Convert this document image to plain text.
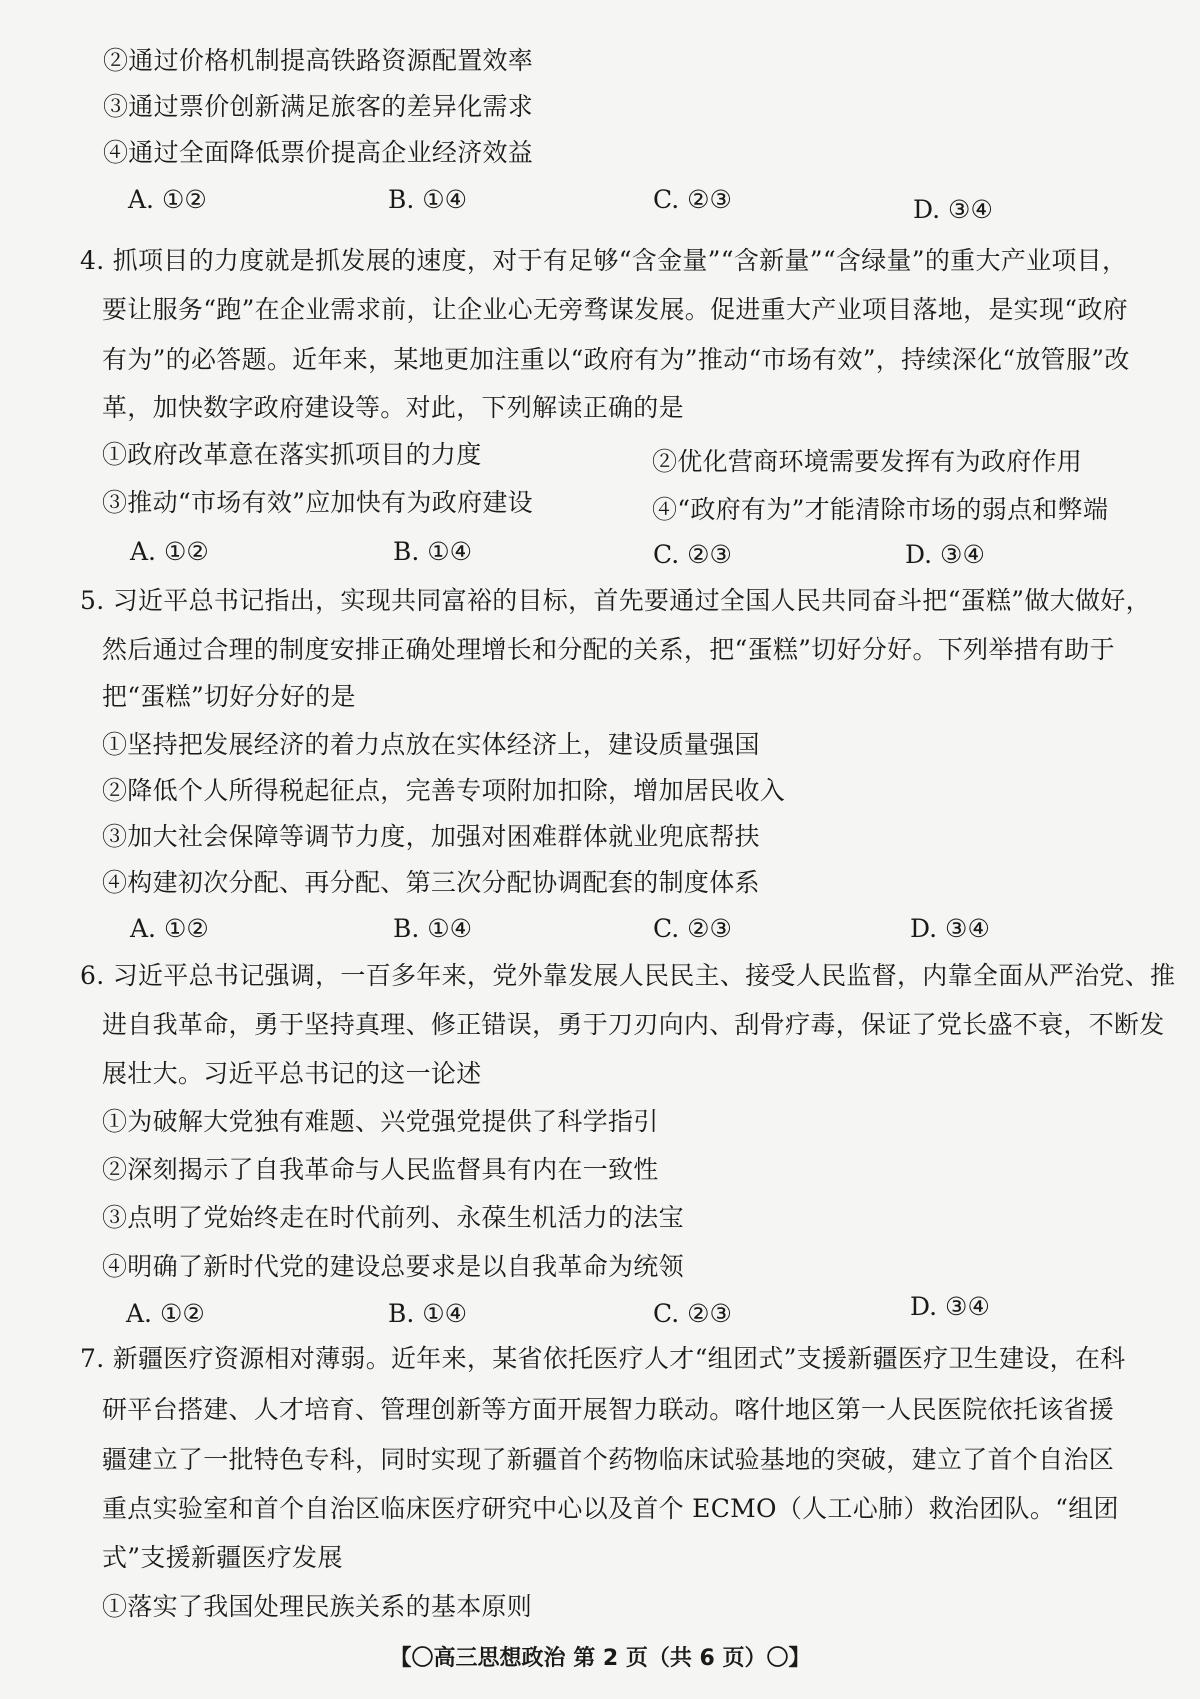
②通过价格机制提高铁路资源配置效率
③通过票价创新满足旅客的差异化需求
④通过全面降低票价提高企业经济效益
A. ①②	B. ①④	C. ②③	D. ③④
4. 抓项目的力度就是抓发展的速度，对于有足够“含金量”“含新量”“含绿量”的重大产业项目，
要让服务“跑”在企业需求前，让企业心无旁骛谋发展。促进重大产业项目落地，是实现“政府
有为”的必答题。近年来，某地更加注重以“政府有为”推动“市场有效”，持续深化“放管服”改
革，加快数字政府建设等。对此，下列解读正确的是
①政府改革意在落实抓项目的力度	②优化营商环境需要发挥有为政府作用
③推动“市场有效”应加快有为政府建设	④“政府有为”才能清除市场的弱点和弊端
A. ①②	B. ①④	C. ②③	D. ③④
5. 习近平总书记指出，实现共同富裕的目标，首先要通过全国人民共同奋斗把“蛋糕”做大做好，
然后通过合理的制度安排正确处理增长和分配的关系，把“蛋糕”切好分好。下列举措有助于
把“蛋糕”切好分好的是
①坚持把发展经济的着力点放在实体经济上，建设质量强国
②降低个人所得税起征点，完善专项附加扣除，增加居民收入
③加大社会保障等调节力度，加强对困难群体就业兜底帮扶
④构建初次分配、再分配、第三次分配协调配套的制度体系
A. ①②	B. ①④	C. ②③	D. ③④
6. 习近平总书记强调，一百多年来，党外靠发展人民民主、接受人民监督，内靠全面从严治党、推
进自我革命，勇于坚持真理、修正错误，勇于刀刃向内、刮骨疗毒，保证了党长盛不衰，不断发
展壮大。习近平总书记的这一论述
①为破解大党独有难题、兴党强党提供了科学指引
②深刻揭示了自我革命与人民监督具有内在一致性
③点明了党始终走在时代前列、永葆生机活力的法宝
④明确了新时代党的建设总要求是以自我革命为统领
A. ①②	B. ①④	C. ②③	D. ③④
7. 新疆医疗资源相对薄弱。近年来，某省依托医疗人才“组团式”支援新疆医疗卫生建设，在科
研平台搭建、人才培育、管理创新等方面开展智力联动。喀什地区第一人民医院依托该省援
疆建立了一批特色专科，同时实现了新疆首个药物临床试验基地的突破，建立了首个自治区
重点实验室和首个自治区临床医疗研究中心以及首个 ECMO（人工心肺）救治团队。“组团
式”支援新疆医疗发展
①落实了我国处理民族关系的基本原则
【〇高三思想政治 第 2 页（共 6 页）〇】
